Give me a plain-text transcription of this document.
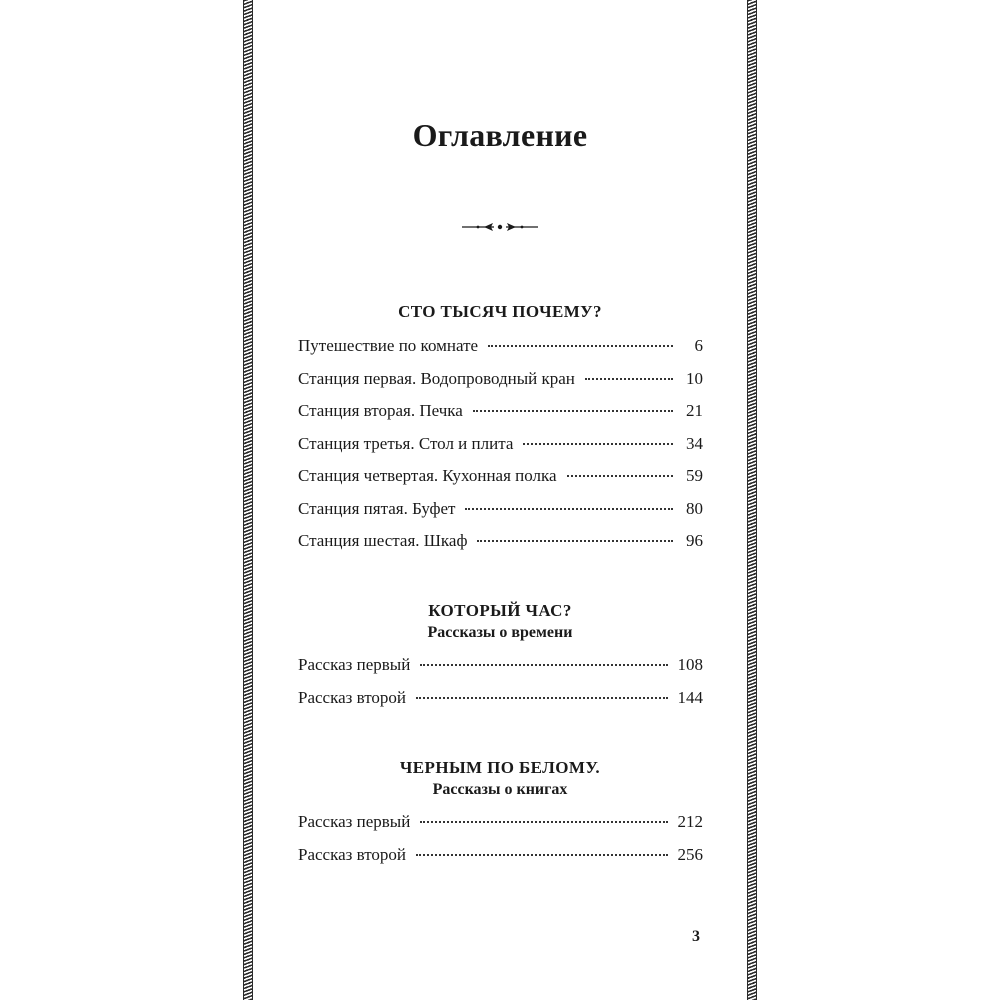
Оглавление
СТО ТЫСЯЧ ПОЧЕМУ?
Путешествие по комнате	6
Станция первая. Водопроводный кран	10
Станция вторая. Печка	21
Станция третья. Стол и плита	34
Станция четвертая. Кухонная полка	59
Станция пятая. Буфет	80
Станция шестая. Шкаф	96
КОТОРЫЙ ЧАС?
Рассказы о времени
Рассказ первый	108
Рассказ второй	144
ЧЕРНЫМ ПО БЕЛОМУ.
Рассказы о книгах
Рассказ первый	212
Рассказ второй	256
3
